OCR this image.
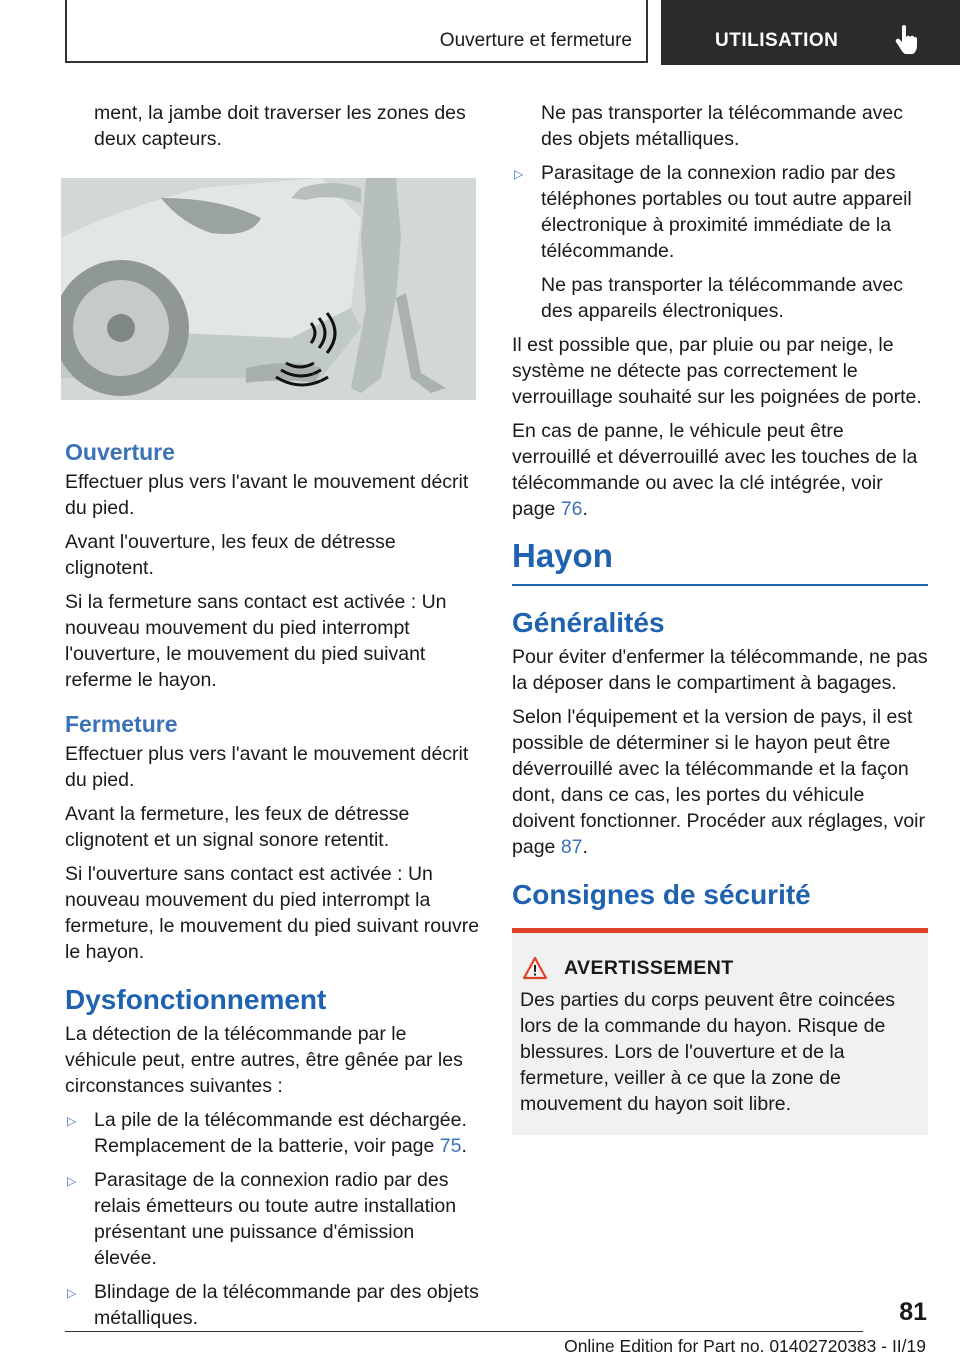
Ouverture et fermeture	UTILISATION

ment, la jambe doit traverser les zones des deux capteurs.

Ouverture

Effectuer plus vers l'avant le mouvement décrit du pied.

Avant l'ouverture, les feux de détresse clignotent.

Si la fermeture sans contact est activée : Un nouveau mouvement du pied interrompt l'ouverture, le mouvement du pied suivant referme le hayon.

Fermeture

Effectuer plus vers l'avant le mouvement décrit du pied.

Avant la fermeture, les feux de détresse clignotent et un signal sonore retentit.

Si l'ouverture sans contact est activée : Un nouveau mouvement du pied interrompt la fermeture, le mouvement du pied suivant rouvre le hayon.

Dysfonctionnement

La détection de la télécommande par le véhicule peut, entre autres, être gênée par les circonstances suivantes :

▷ La pile de la télécommande est déchargée. Remplacement de la batterie, voir page 75.
▷ Parasitage de la connexion radio par des relais émetteurs ou toute autre installation présentant une puissance d'émission élevée.
▷ Blindage de la télécommande par des objets métalliques.

Ne pas transporter la télécommande avec des objets métalliques.

▷ Parasitage de la connexion radio par des téléphones portables ou tout autre appareil électronique à proximité immédiate de la télécommande.

Ne pas transporter la télécommande avec des appareils électroniques.

Il est possible que, par pluie ou par neige, le système ne détecte pas correctement le verrouillage souhaité sur les poignées de porte.

En cas de panne, le véhicule peut être verrouillé et déverrouillé avec les touches de la télécommande ou avec la clé intégrée, voir page 76.

Hayon
Généralités

Pour éviter d'enfermer la télécommande, ne pas la déposer dans le compartiment à bagages.

Selon l'équipement et la version de pays, il est possible de déterminer si le hayon peut être déverrouillé avec la télécommande et la façon dont, dans ce cas, les portes du véhicule doivent fonctionner. Procéder aux réglages, voir page 87.

Consignes de sécurité
AVERTISSEMENT

Des parties du corps peuvent être coincées lors de la commande du hayon. Risque de blessures. Lors de l'ouverture et de la fermeture, veiller à ce que la zone de mouvement du hayon soit libre.

81
Online Edition for Part no. 01402720383 - II/19
